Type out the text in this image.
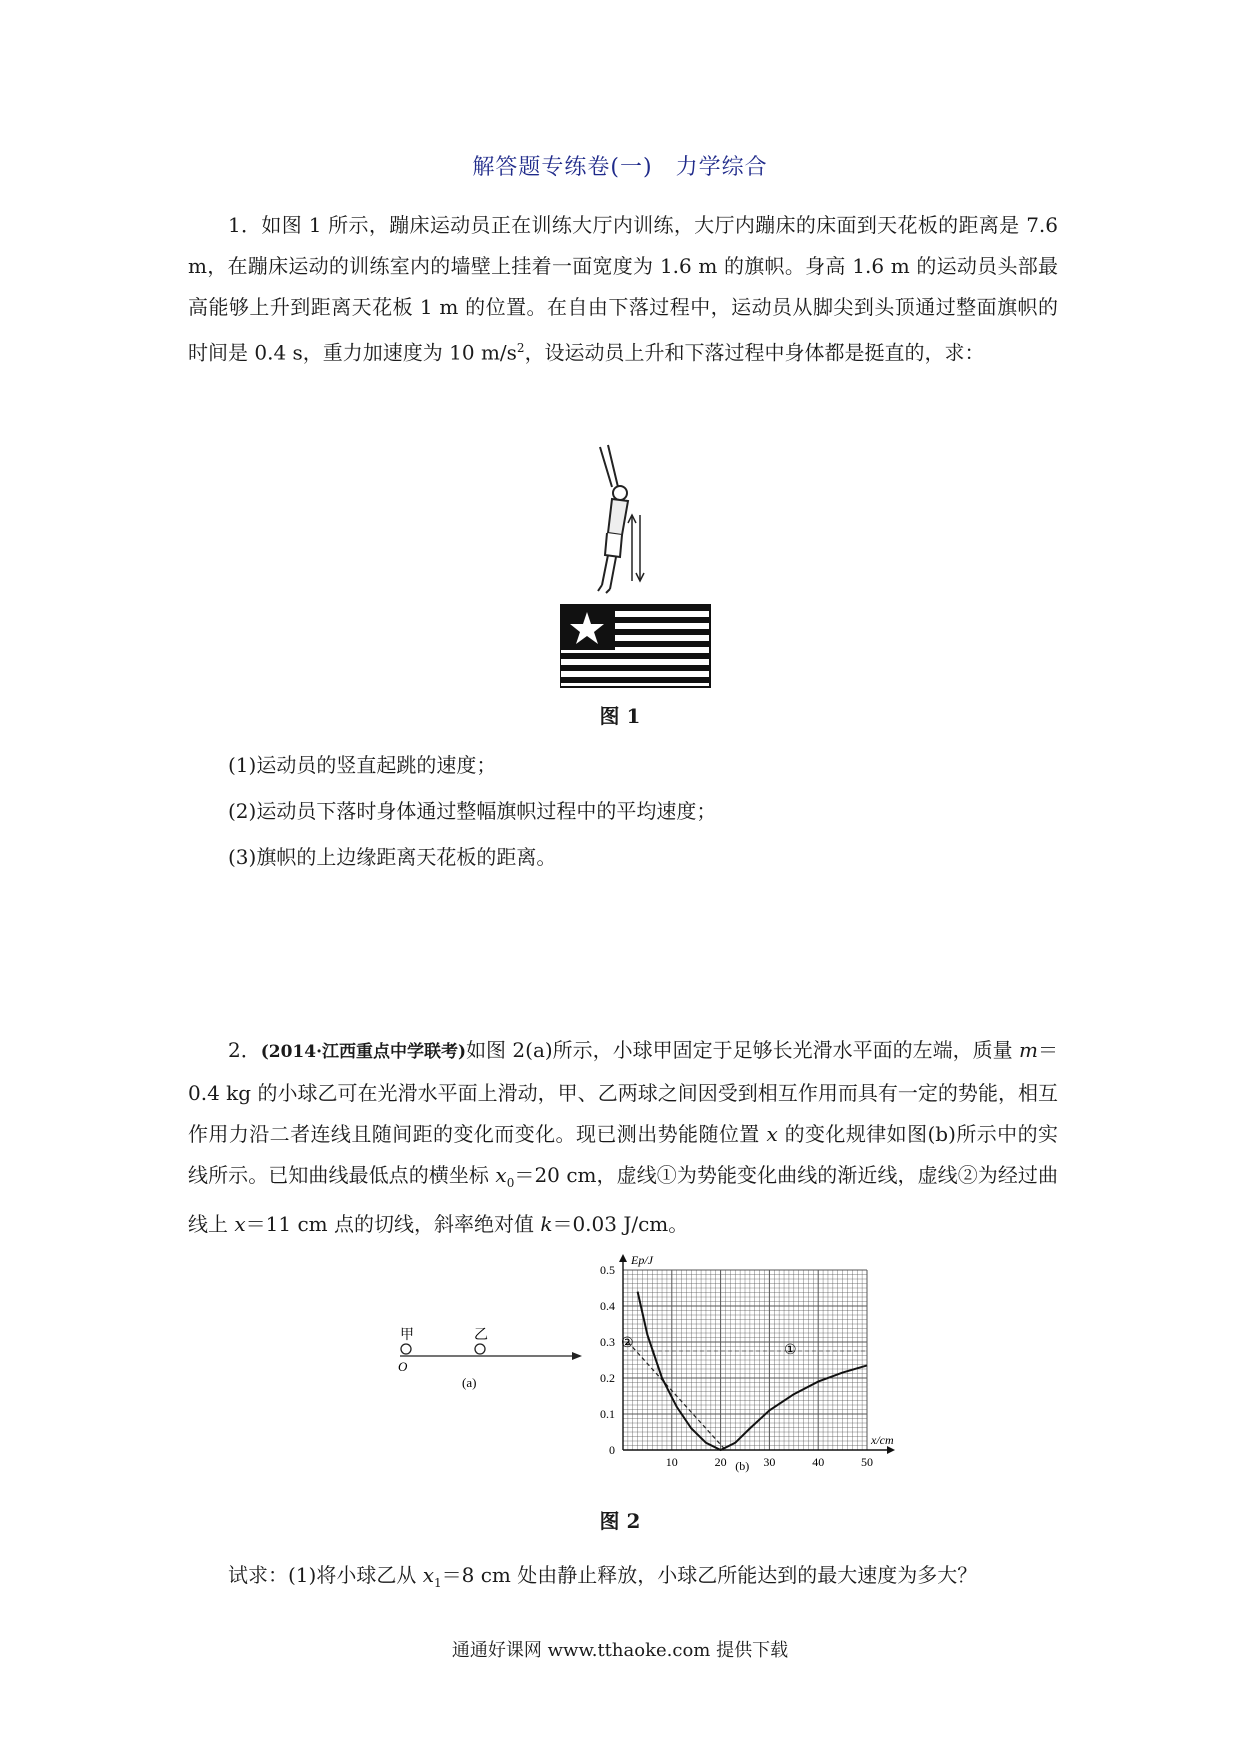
解答题专练卷(一)　力学综合
1．如图 1 所示，蹦床运动员正在训练大厅内训练，大厅内蹦床的床面到天花板的距离是 7.6 m，在蹦床运动的训练室内的墙壁上挂着一面宽度为 1.6 m 的旗帜。身高 1.6 m 的运动员头部最高能够上升到距离天花板 1 m 的位置。在自由下落过程中，运动员从脚尖到头顶通过整面旗帜的时间是 0.4 s，重力加速度为 10 $m/s^2$，设运动员上升和下落过程中身体都是挺直的，求：
图 1
(1)运动员的竖直起跳的速度；
(2)运动员下落时身体通过整幅旗帜过程中的平均速度；
(3)旗帜的上边缘距离天花板的距离。
2．(2014·江西重点中学联考)如图 2(a)所示，小球甲固定于足够长光滑水平面的左端，质量 m＝0.4 kg 的小球乙可在光滑水平面上滑动，甲、乙两球之间因受到相互作用而具有一定的势能，相互作用力沿二者连线且随间距的变化而变化。现已测出势能随位置 x 的变化规律如图(b)所示中的实线所示。已知曲线最低点的横坐标 $x_0=20$ cm，虚线①为势能变化曲线的渐近线，虚线②为经过曲线上 x＝11 cm 点的切线，斜率绝对值 k＝0.03 J/cm。
甲	乙
O
(a)
0
0.1
0.2
0.3
0.4
0.5
10	20	30	40	50
Ep/J
x/cm
(b)
②	①
图 2
试求：(1)将小球乙从 $x_1=8$ cm 处由静止释放，小球乙所能达到的最大速度为多大？
通通好课网 www.tthaoke.com 提供下载
